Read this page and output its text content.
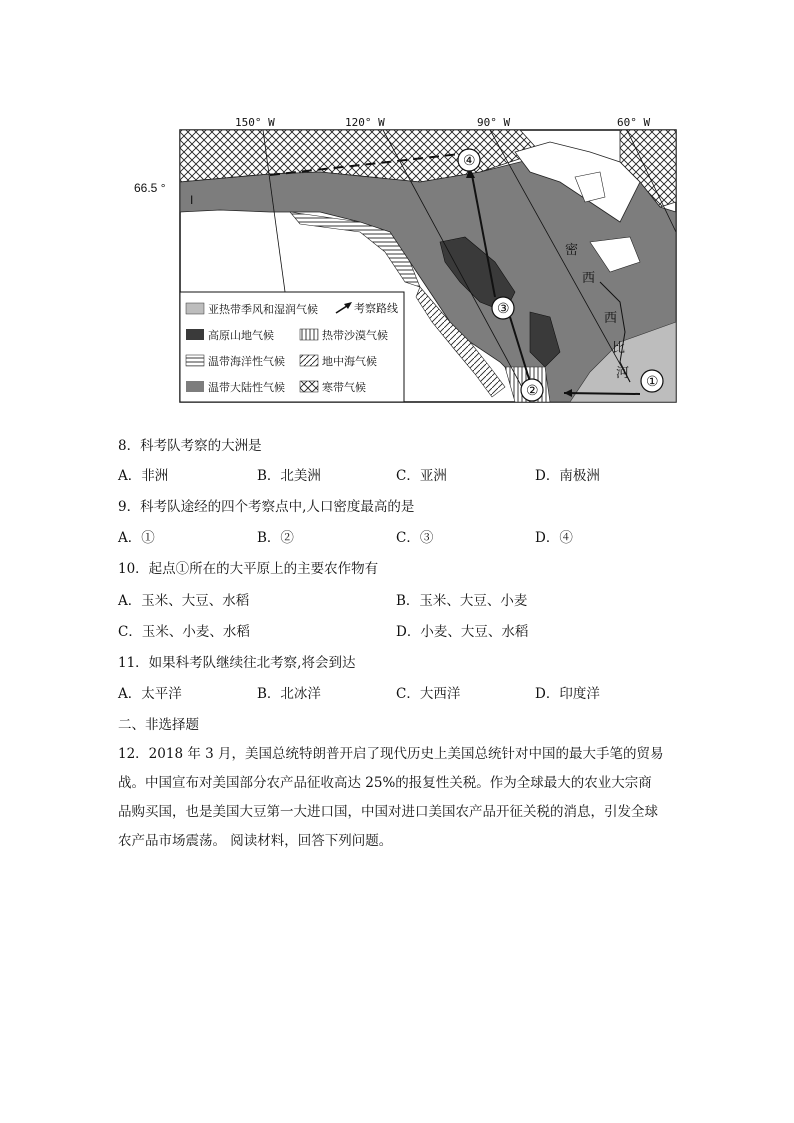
150° W	120° W	90° W	60° W
66.5 °
I
密
西
西
比
河 ①
②
③
④
亚热带季风和湿润气候	考察路线
高原山地气候	热带沙漠气候
温带海洋性气候	地中海气候
温带大陆性气候	寒带气候
8．科考队考察的大洲是
A．非洲	B．北美洲	C．亚洲	D．南极洲
9．科考队途经的四个考察点中,人口密度最高的是
A．①	B．②	C．③	D．④
10．起点①所在的大平原上的主要农作物有
A．玉米、大豆、水稻	B．玉米、大豆、小麦
C．玉米、小麦、水稻	D．小麦、大豆、水稻
11．如果科考队继续往北考察,将会到达
A．太平洋	B．北冰洋	C．大西洋	D．印度洋
二、非选择题
12．2018 年 3 月，美国总统特朗普开启了现代历史上美国总统针对中国的最大手笔的贸易
战。中国宣布对美国部分农产品征收高达 25%的报复性关税。作为全球最大的农业大宗商
品购买国，也是美国大豆第一大进口国，中国对进口美国农产品开征关税的消息，引发全球
农产品市场震荡。 阅读材料，回答下列问题。
